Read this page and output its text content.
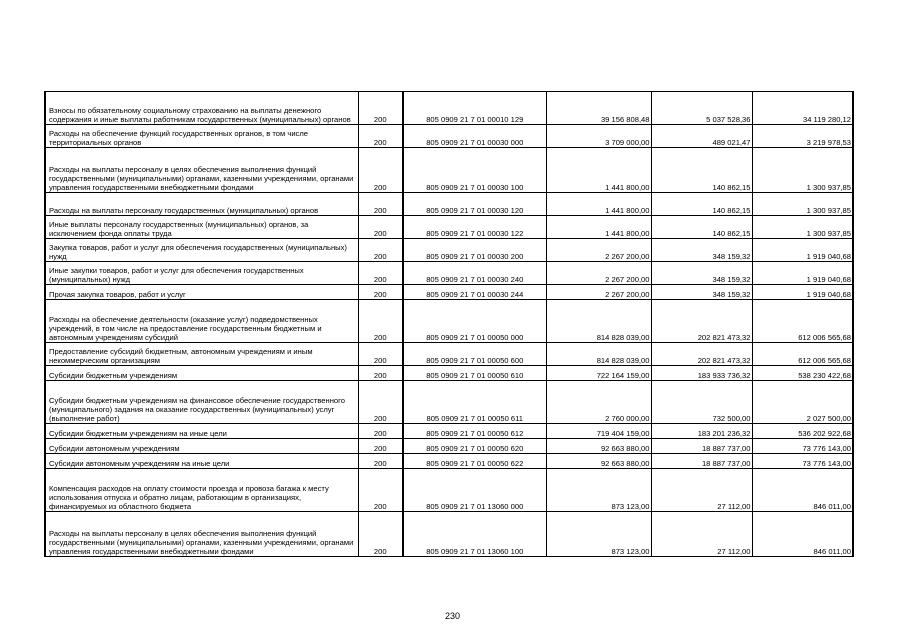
Взносы по обязательному социальному страхованию на выплаты денежного содержания и иные выплаты работникам государственных (муниципальных) органов	200	805 0909 21 7 01 00010 129	39 156 808,48	5 037 528,36	34 119 280,12
Расходы на обеспечение функций государственных органов, в том числе территориальных органов	200	805 0909 21 7 01 00030 000	3 709 000,00	489 021,47	3 219 978,53
Расходы на выплаты персоналу в целях обеспечения выполнения функций государственными (муниципальными) органами, казенными учреждениями, органами управления государственными внебюджетными фондами	200	805 0909 21 7 01 00030 100	1 441 800,00	140 862,15	1 300 937,85
Расходы на выплаты персоналу государственных (муниципальных) органов	200	805 0909 21 7 01 00030 120	1 441 800,00	140 862,15	1 300 937,85
Иные выплаты персоналу государственных (муниципальных) органов, за исключением фонда оплаты труда	200	805 0909 21 7 01 00030 122	1 441 800,00	140 862,15	1 300 937,85
Закупка товаров, работ и услуг для обеспечения государственных (муниципальных) нужд	200	805 0909 21 7 01 00030 200	2 267 200,00	348 159,32	1 919 040,68
Иные закупки товаров, работ и услуг для обеспечения государственных (муниципальных) нужд	200	805 0909 21 7 01 00030 240	2 267 200,00	348 159,32	1 919 040,68
Прочая закупка товаров, работ и услуг	200	805 0909 21 7 01 00030 244	2 267 200,00	348 159,32	1 919 040,68
Расходы на обеспечение деятельности (оказание услуг) подведомственных учреждений, в том числе на предоставление государственным бюджетным и автономным учреждениям субсидий	200	805 0909 21 7 01 00050 000	814 828 039,00	202 821 473,32	612 006 565,68
Предоставление субсидий бюджетным, автономным учреждениям и иным некоммерческим организациям	200	805 0909 21 7 01 00050 600	814 828 039,00	202 821 473,32	612 006 565,68
Субсидии бюджетным учреждениям	200	805 0909 21 7 01 00050 610	722 164 159,00	183 933 736,32	538 230 422,68
Субсидии бюджетным учреждениям на финансовое обеспечение государственного (муниципального) задания на оказание государственных (муниципальных) услуг (выполнение работ)	200	805 0909 21 7 01 00050 611	2 760 000,00	732 500,00	2 027 500,00
Субсидии бюджетным учреждениям на иные цели	200	805 0909 21 7 01 00050 612	719 404 159,00	183 201 236,32	536 202 922,68
Субсидии автономным учреждениям	200	805 0909 21 7 01 00050 620	92 663 880,00	18 887 737,00	73 776 143,00
Субсидии автономным учреждениям на иные цели	200	805 0909 21 7 01 00050 622	92 663 880,00	18 887 737,00	73 776 143,00
Компенсация расходов на оплату стоимости проезда и провоза багажа к месту использования отпуска и обратно лицам, работающим в организациях, финансируемых из областного бюджета	200	805 0909 21 7 01 13060 000	873 123,00	27 112,00	846 011,00
Расходы на выплаты персоналу в целях обеспечения выполнения функций государственными (муниципальными) органами, казенными учреждениями, органами управления государственными внебюджетными фондами	200	805 0909 21 7 01 13060 100	873 123,00	27 112,00	846 011,00
230
